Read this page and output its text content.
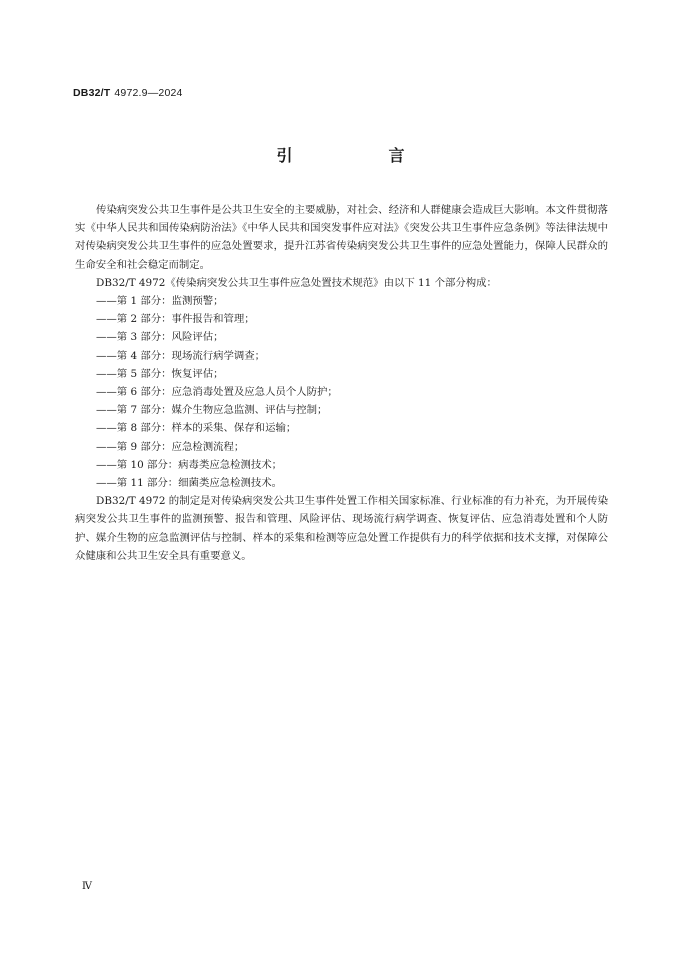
DB32/T 4972.9—2024
引　言

传染病突发公共卫生事件是公共卫生安全的主要威胁，对社会、经济和人群健康会造成巨大影响。本文件贯彻落实《中华人民共和国传染病防治法》《中华人民共和国突发事件应对法》《突发公共卫生事件应急条例》等法律法规中对传染病突发公共卫生事件的应急处置要求，提升江苏省传染病突发公共卫生事件的应急处置能力，保障人民群众的生命安全和社会稳定而制定。

DB32/T 4972《传染病突发公共卫生事件应急处置技术规范》由以下 11 个部分构成：

——第 1 部分：监测预警；
——第 2 部分：事件报告和管理；
——第 3 部分：风险评估；
——第 4 部分：现场流行病学调查；
——第 5 部分：恢复评估；
——第 6 部分：应急消毒处置及应急人员个人防护；
——第 7 部分：媒介生物应急监测、评估与控制；
——第 8 部分：样本的采集、保存和运输；
——第 9 部分：应急检测流程；
——第 10 部分：病毒类应急检测技术；
——第 11 部分：细菌类应急检测技术。

DB32/T 4972 的制定是对传染病突发公共卫生事件处置工作相关国家标准、行业标准的有力补充，为开展传染病突发公共卫生事件的监测预警、报告和管理、风险评估、现场流行病学调查、恢复评估、应急消毒处置和个人防护、媒介生物的应急监测评估与控制、样本的采集和检测等应急处置工作提供有力的科学依据和技术支撑，对保障公众健康和公共卫生安全具有重要意义。

Ⅳ
